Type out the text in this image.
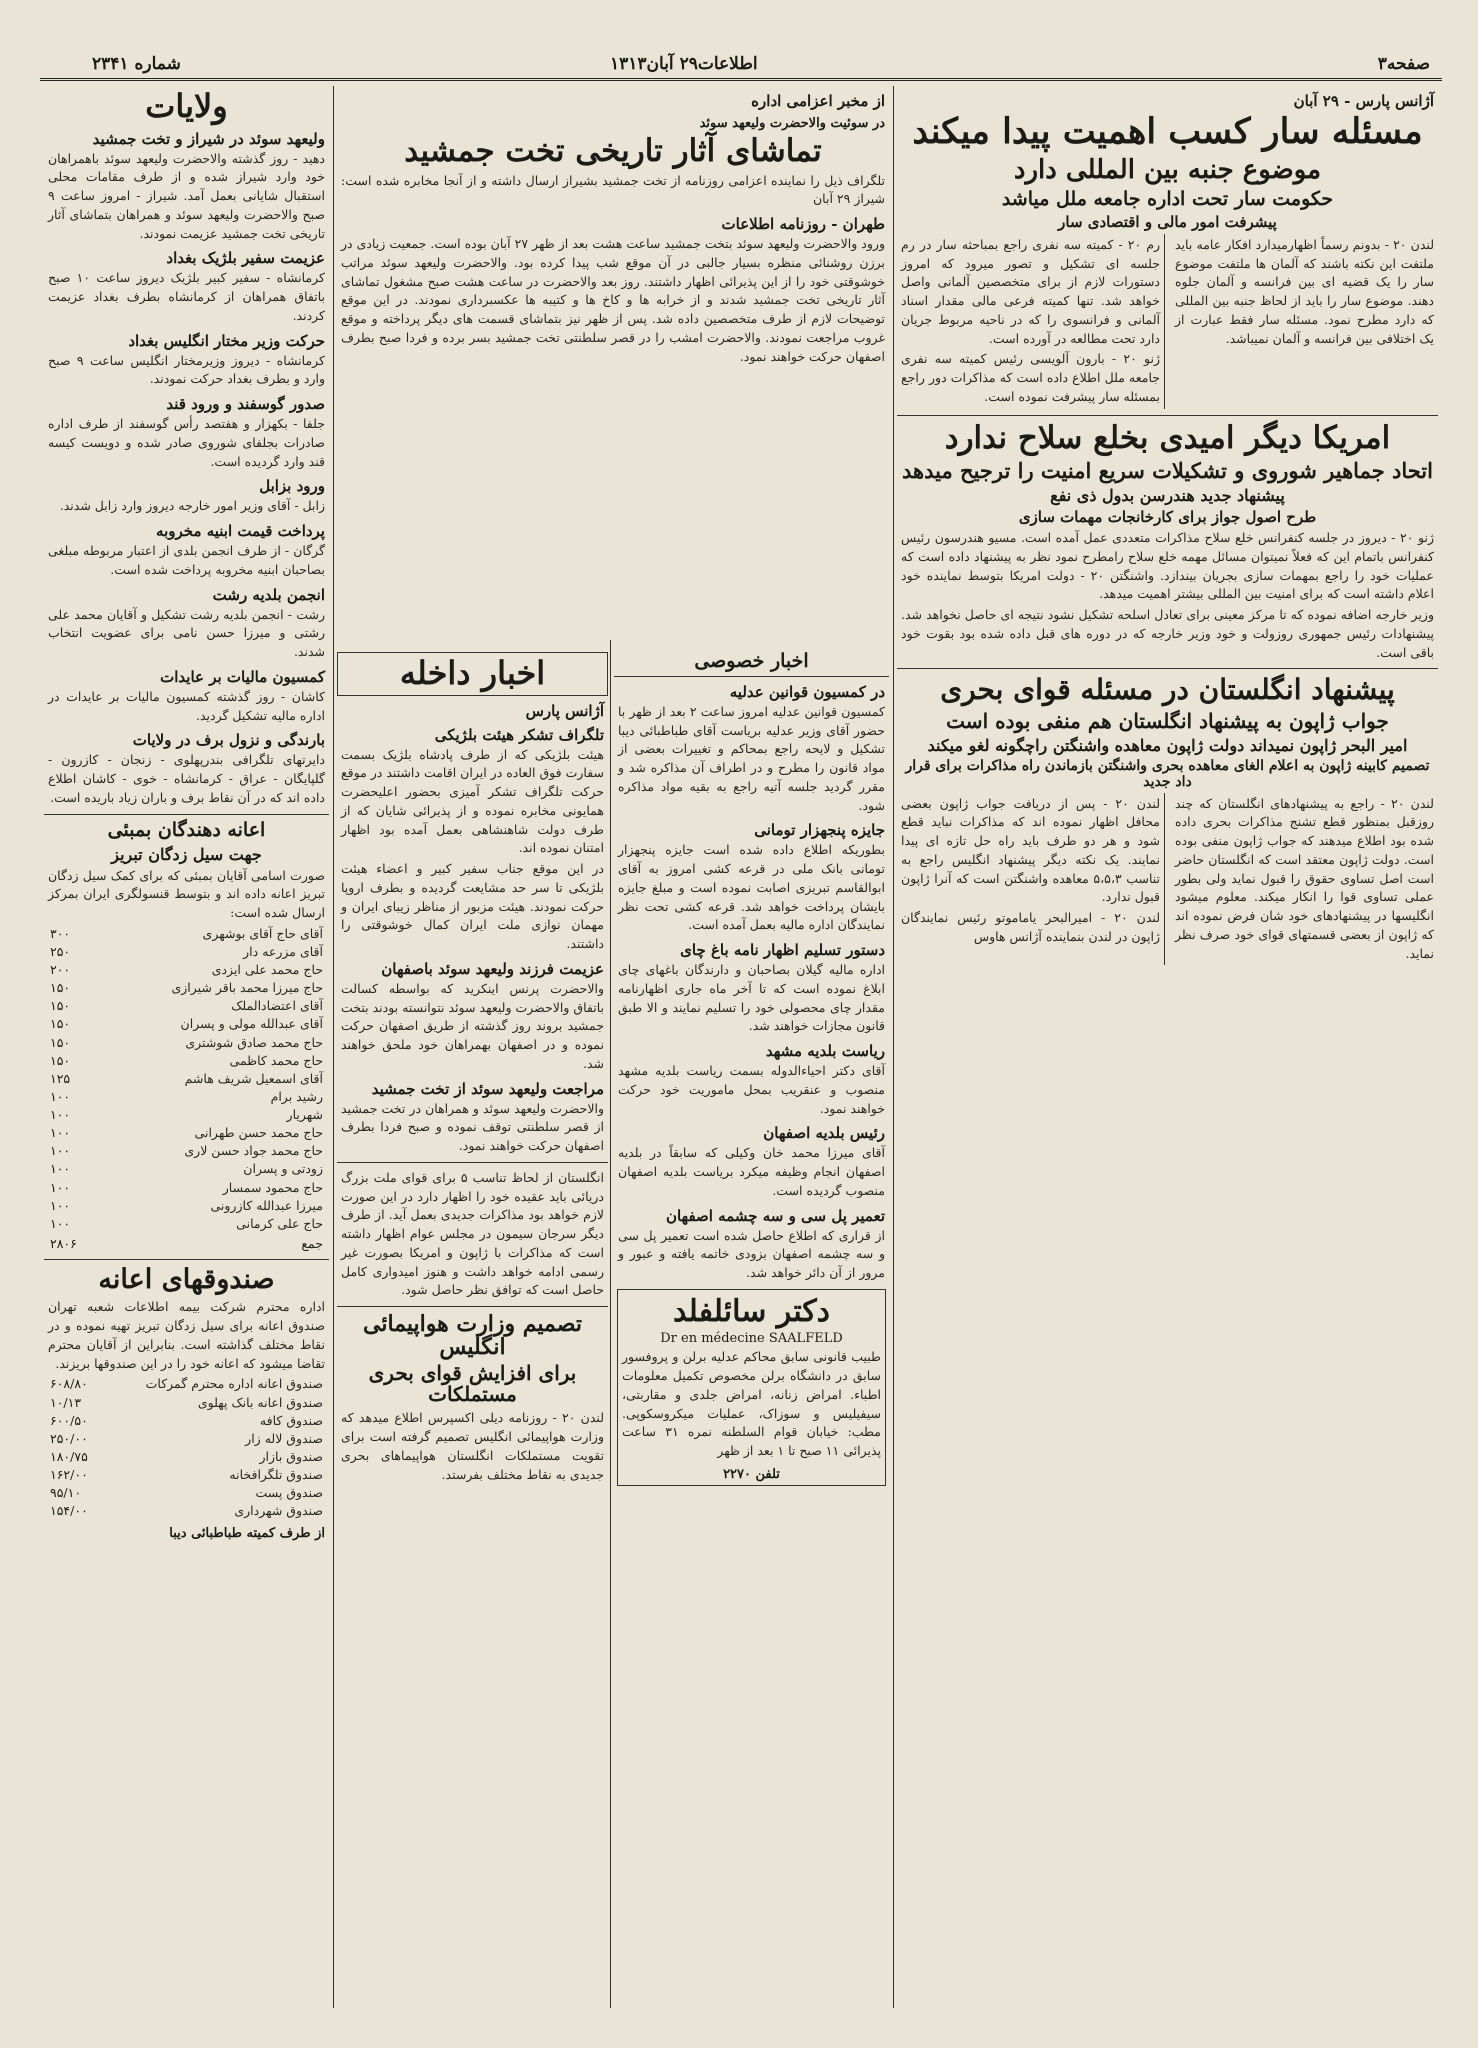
صفحه۳
اطلاعات۲۹ آبان۱۳۱۳
شماره ۲۳۴۱
آژانس پارس - ۲۹ آبان
مسئله سار کسب اهمیت پیدا میکند
موضوع جنبه بین المللی دارد
حکومت سار تحت اداره جامعه ملل میاشد
پیشرفت امور مالی و اقتصادی سار
لندن ۲۰ - بدونم رسماً اظهارمیدارد افکار عامه باید ملتفت این نکته باشند که آلمان ها ملتفت موضوع سار را یک قضیه ای بین فرانسه و آلمان جلوه دهند. موضوع سار را باید از لحاظ جنبه بین المللی که دارد مطرح نمود. مسئله سار فقط عبارت از یک اختلافی بین فرانسه و آلمان نمیباشد.
رم ۲۰ - کمیته سه نفری راجع بمباحثه سار در رم جلسه ای تشکیل و تصور میرود که امروز دستورات لازم از برای متخصصین آلمانی واصل خواهد شد. تنها کمیته فرعی مالی مقدار اسناد آلمانی و فرانسوی را که در ناحیه مربوط جریان دارد تحت مطالعه در آورده است.
ژنو ۲۰ - بارون آلویسی رئیس کمیته سه نفری جامعه ملل اطلاع داده است که مذاکرات دور راجع بمسئله سار پیشرفت نموده است.
امریکا دیگر امیدی بخلع سلاح ندارد
اتحاد جماهیر شوروی و تشکیلات سریع امنیت را ترجیح میدهد
پیشنهاد جدید هندرسن بدول ذی نفع
طرح اصول جواز برای کارخانجات مهمات سازی
ژنو ۲۰ - دیروز در جلسه کنفرانس خلع سلاح مذاکرات متعددی عمل آمده است. مسیو هندرسون رئیس کنفرانس باتمام این که فعلاً نمیتوان مسائل مهمه خلع سلاح رامطرح نمود نظر به پیشنهاد داده است که عملیات خود را راجع بمهمات سازی بجریان بیندازد. واشنگتن ۲۰ - دولت امریکا بتوسط نماینده خود اعلام داشته است که برای امنیت بین المللی بیشتر اهمیت میدهد.
وزیر خارجه اضافه نموده که تا مرکز معینی برای تعادل اسلحه تشکیل نشود نتیجه ای حاصل نخواهد شد. پیشنهادات رئیس جمهوری روزولت و خود وزیر خارجه که در دوره های قبل داده شده بود بقوت خود باقی است.
پیشنهاد انگلستان در مسئله قوای بحری
جواب ژاپون به پیشنهاد انگلستان هم منفی بوده است
امیر البحر ژاپون نمیداند دولت ژاپون معاهده واشنگتن راچگونه لغو میکند
تصمیم کابینه ژاپون به اعلام الغای معاهده بحری واشنگتن بازماندن راه مذاکرات برای قرار داد جدید
لندن ۲۰ - راجع به پیشنهادهای انگلستان که چند روزقبل بمنظور قطع تشنج مذاکرات بحری داده شده بود اطلاع میدهند که جواب ژاپون منفی بوده است. دولت ژاپون معتقد است که انگلستان حاضر است اصل تساوی حقوق را قبول نماید ولی بطور عملی تساوی قوا را انکار میکند. معلوم میشود انگلیسها در پیشنهادهای خود شان فرض نموده اند که ژاپون از بعضی قسمتهای قوای خود صرف نظر نماید.
لندن ۲۰ - پس از دریافت جواب ژاپون بعضی محافل اظهار نموده اند که مذاکرات نباید قطع شود و هر دو طرف باید راه حل تازه ای پیدا نمایند. یک نکته دیگر پیشنهاد انگلیس راجع به تناسب ۵،۵،۳ معاهده واشنگتن است که آنرا ژاپون قبول ندارد.
لندن ۲۰ - امیرالبحر یاماموتو رئیس نمایندگان ژاپون در لندن بنماینده آژانس هاوس
از مخبر اعزامی اداره
در سوئیت والاحضرت ولیعهد سوئد
تماشای آثار تاریخی تخت جمشید
تلگراف ذیل را نماینده اعزامی روزنامه از تخت جمشید بشیراز ارسال داشته و از آنجا مخابره شده است: شیراز ۲۹ آبان
طهران - روزنامه اطلاعات
ورود والاحضرت ولیعهد سوئد بتخت جمشید ساعت هشت بعد از ظهر ۲۷ آبان بوده است. جمعیت زیادی در برزن روشنائی منظره بسیار جالبی در آن موقع شب پیدا کرده بود. والاحضرت ولیعهد سوئد مراتب خوشوقتی خود را از این پذیرائی اظهار داشتند. روز بعد والاحضرت در ساعت هشت صبح مشغول تماشای آثار تاریخی تخت جمشید شدند و از خرابه ها و کاخ ها و کتیبه ها عکسبرداری نمودند. در این موقع توضیحات لازم از طرف متخصصین داده شد. پس از ظهر نیز بتماشای قسمت های دیگر پرداخته و موقع غروب مراجعت نمودند. والاحضرت امشب را در قصر سلطنتی تخت جمشید بسر برده و فردا صبح بطرف اصفهان حرکت خواهند نمود.
اخبار خصوصی
در کمسیون قوانین عدلیه
کمسیون قوانین عدلیه امروز ساعت ۲ بعد از ظهر با حضور آقای وزیر عدلیه بریاست آقای طباطبائی دیبا تشکیل و لایحه راجع بمحاکم و تغییرات بعضی از مواد قانون را مطرح و در اطراف آن مذاکره شد و مقرر گردید جلسه آتیه راجع به بقیه مواد مذاکره شود.
جایزه پنجهزار تومانی
بطوریکه اطلاع داده شده است جایزه پنجهزار تومانی بانک ملی در قرعه کشی امروز به آقای ابوالقاسم تبریزی اصابت نموده است و مبلغ جایزه بایشان پرداخت خواهد شد. قرعه کشی تحت نظر نمایندگان اداره مالیه بعمل آمده است.
دستور تسلیم اظهار نامه باغ چای
اداره مالیه گیلان بصاحبان و دارندگان باغهای چای ابلاغ نموده است که تا آخر ماه جاری اظهارنامه مقدار چای محصولی خود را تسلیم نمایند و الا طبق قانون مجازات خواهند شد.
ریاست بلدیه مشهد
آقای دکتر احیاءالدوله بسمت ریاست بلدیه مشهد منصوب و عنقریب بمحل ماموریت خود حرکت خواهند نمود.
رئیس بلدیه اصفهان
آقای میرزا محمد خان وکیلی که سابقاً در بلدیه اصفهان انجام وظیفه میکرد بریاست بلدیه اصفهان منصوب گردیده است.
تعمیر پل سی و سه چشمه اصفهان
از قراری که اطلاع حاصل شده است تعمیر پل سی و سه چشمه اصفهان بزودی خاتمه یافته و عبور و مرور از آن دائر خواهد شد.
دکتر سائلفلد
Dr en médecine SAALFELD
طبیب قانونی سابق محاکم عدلیه برلن و پروفسور سابق در دانشگاه برلن مخصوص تکمیل معلومات اطباء. امراض زنانه، امراض جلدی و مقاربتی، سیفیلیس و سوزاک، عملیات میکروسکوپی. مطب: خیابان قوام السلطنه نمره ۳۱ ساعت پذیرائی ۱۱ صبح تا ۱ بعد از ظهر
تلفن ۲۲۷۰
اخبار داخله
آژانس پارس
تلگراف تشکر هیئت بلژیکی
هیئت بلژیکی که از طرف پادشاه بلژیک بسمت سفارت فوق العاده در ایران اقامت داشتند در موقع حرکت تلگراف تشکر آمیزی بحضور اعلیحضرت همایونی مخابره نموده و از پذیرائی شایان که از طرف دولت شاهنشاهی بعمل آمده بود اظهار امتنان نموده اند.
در این موقع جناب سفیر کبیر و اعضاء هیئت بلژیکی تا سر حد مشایعت گردیده و بطرف اروپا حرکت نمودند. هیئت مزبور از مناظر زیبای ایران و مهمان نوازی ملت ایران کمال خوشوقتی را داشتند.
عزیمت فرزند ولیعهد سوئد باصفهان
والاحضرت پرنس اینکرید که بواسطه کسالت باتفاق والاحضرت ولیعهد سوئد نتوانسته بودند بتخت جمشید بروند روز گذشته از طریق اصفهان حرکت نموده و در اصفهان بهمراهان خود ملحق خواهند شد.
مراجعت ولیعهد سوئد از تخت جمشید
والاحضرت ولیعهد سوئد و همراهان در تخت جمشید از قصر سلطنتی توقف نموده و صبح فردا بطرف اصفهان حرکت خواهند نمود.
انگلستان از لحاظ تناسب ۵ برای قوای ملت بزرگ دریائی باید عقیده خود را اظهار دارد در این صورت لازم خواهد بود مذاکرات جدیدی بعمل آید. از طرف دیگر سرجان سیمون در مجلس عوام اظهار داشته است که مذاکرات با ژاپون و امریکا بصورت غیر رسمی ادامه خواهد داشت و هنوز امیدواری کامل حاصل است که توافق نظر حاصل شود.
تصمیم وزارت هواپیمائی انگلیس
برای افزایش قوای بحری مستملکات
لندن ۲۰ - روزنامه دیلی اکسپرس اطلاع میدهد که وزارت هواپیمائی انگلیس تصمیم گرفته است برای تقویت مستملکات انگلستان هواپیماهای بحری جدیدی به نقاط مختلف بفرستد.
ولایات
ولیعهد سوئد در شیراز و تخت جمشید
دهید - روز گذشته والاحضرت ولیعهد سوئد باهمراهان خود وارد شیراز شده و از طرف مقامات محلی استقبال شایانی بعمل آمد. شیراز - امروز ساعت ۹ صبح والاحضرت ولیعهد سوئد و همراهان بتماشای آثار تاریخی تخت جمشید عزیمت نمودند.
عزیمت سفیر بلژیک بغداد
کرمانشاه - سفیر کبیر بلژیک دیروز ساعت ۱۰ صبح باتفاق همراهان از کرمانشاه بطرف بغداد عزیمت کردند.
حرکت وزیر مختار انگلیس بغداد
کرمانشاه - دیروز وزیرمختار انگلیس ساعت ۹ صبح وارد و بطرف بغداد حرکت نمودند.
صدور گوسفند و ورود قند
جلفا - بکهزار و هفتصد رأس گوسفند از طرف اداره صادرات بجلفای شوروی صادر شده و دویست کیسه قند وارد گردیده است.
ورود بزابل
زابل - آقای وزیر امور خارجه دیروز وارد زابل شدند.
پرداخت قیمت ابنیه مخروبه
گرگان - از طرف انجمن بلدی از اعتبار مربوطه مبلغی بصاحبان ابنیه مخروبه پرداخت شده است.
انجمن بلدیه رشت
رشت - انجمن بلدیه رشت تشکیل و آقایان محمد علی رشتی و میرزا حسن نامی برای عضویت انتخاب شدند.
کمسیون مالیات بر عایدات
کاشان - روز گذشته کمسیون مالیات بر عایدات در اداره مالیه تشکیل گردید.
بارندگی و نزول برف در ولایات
دایرتهای تلگرافی بندرپهلوی - زنجان - کازرون - گلپایگان - عراق - کرمانشاه - خوی - کاشان اطلاع داده اند که در آن نقاط برف و باران زیاد باریده است.
اعانه دهندگان بمبئی
جهت سیل زدگان تبریز
صورت اسامی آقایان بمبئی که برای کمک سیل زدگان تبریز اعانه داده اند و بتوسط قنسولگری ایران بمرکز ارسال شده است:
آقای حاج آقای بوشهری
۳۰۰
آقای مزرعه دار
۲۵۰
حاج محمد علی ایزدی
۲۰۰
حاج میرزا محمد باقر شیرازی
۱۵۰
آقای اعتضادالملک
۱۵۰
آقای عبدالله مولی و پسران
۱۵۰
حاج محمد صادق شوشتری
۱۵۰
حاج محمد کاظمی
۱۵۰
آقای اسمعیل شریف هاشم
۱۲۵
رشید برام
۱۰۰
شهریار
۱۰۰
حاج محمد حسن طهرانی
۱۰۰
حاج محمد جواد حسن لاری
۱۰۰
زودتی و پسران
۱۰۰
حاج محمود سمسار
۱۰۰
میرزا عبدالله کازرونی
۱۰۰
حاج علی کرمانی
۱۰۰
جمع
۲۸۰۶
صندوقهای اعانه
اداره محترم شرکت بیمه اطلاعات شعبه تهران صندوق اعانه برای سیل زدگان تبریز تهیه نموده و در نقاط مختلف گذاشته است. بنابراین از آقایان محترم تقاضا میشود که اعانه خود را در این صندوقها بریزند.
صندوق اعانه اداره محترم گمرکات
۶۰۸/۸۰
صندوق اعانه بانک پهلوی
۱۰/۱۳
صندوق کافه
۶۰۰/۵۰
صندوق لاله زار
۲۵۰/۰۰
صندوق بازار
۱۸۰/۷۵
صندوق تلگرافخانه
۱۶۲/۰۰
صندوق پست
۹۵/۱۰
صندوق شهرداری
۱۵۴/۰۰
از طرف کمیته طباطبائی دیبا
